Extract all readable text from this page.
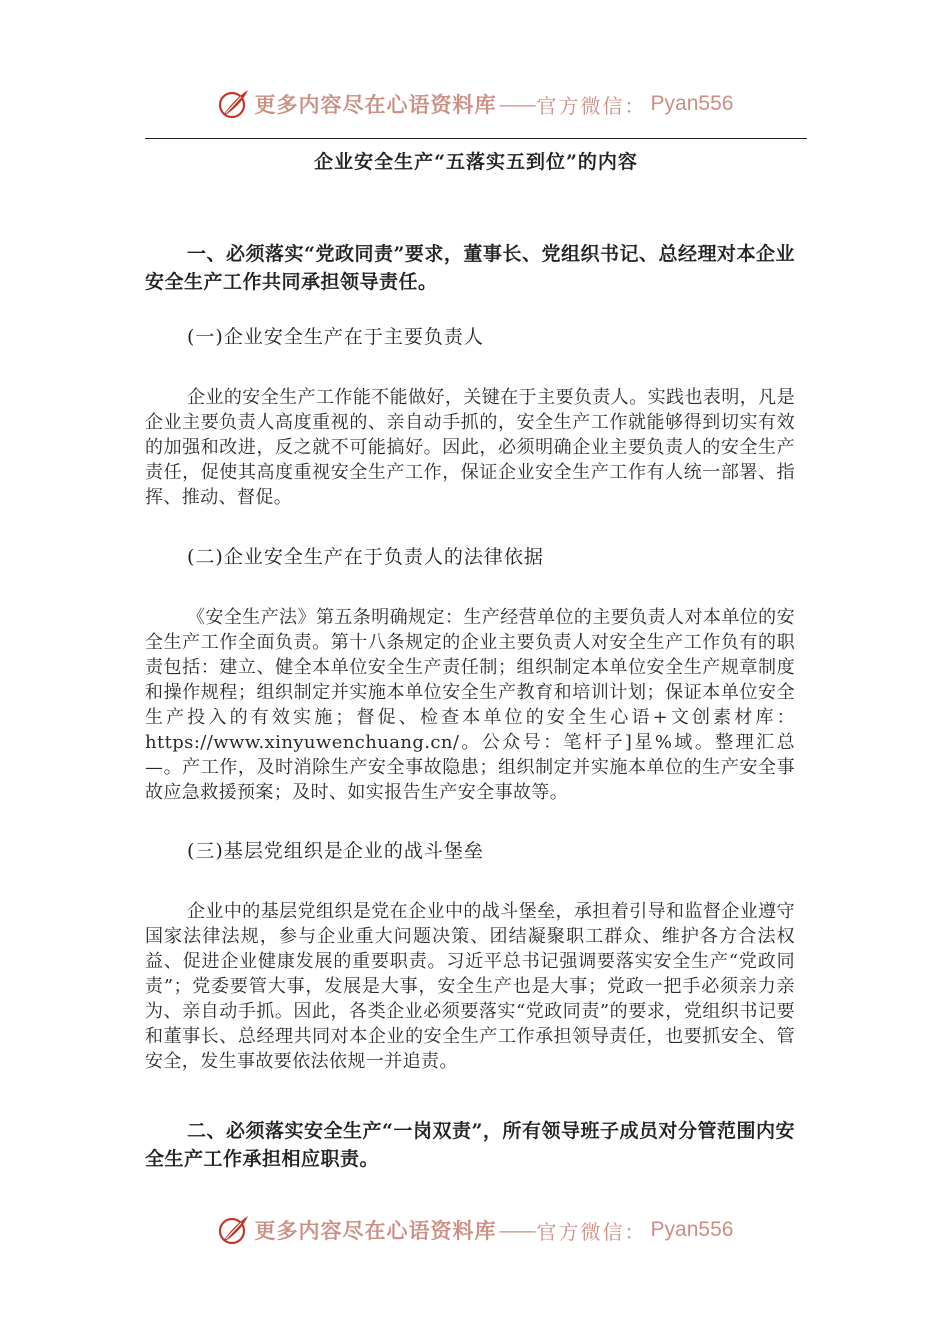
更多内容尽在心语资料库 —— 官方微信： Pyan556
企业安全生产“五落实五到位”的内容

一、必须落实“党政同责”要求，董事长、党组织书记、总经理对本企业安全生产工作共同承担领导责任。

(一)企业安全生产在于主要负责人

企业的安全生产工作能不能做好，关键在于主要负责人。实践也表明，凡是企业主要负责人高度重视的、亲自动手抓的，安全生产工作就能够得到切实有效的加强和改进，反之就不可能搞好。因此，必须明确企业主要负责人的安全生产责任，促使其高度重视安全生产工作，保证企业安全生产工作有人统一部署、指挥、推动、督促。

(二)企业安全生产在于负责人的法律依据

《安全生产法》第五条明确规定：生产经营单位的主要负责人对本单位的安全生产工作全面负责。第十八条规定的企业主要负责人对安全生产工作负有的职责包括：建立、健全本单位安全生产责任制；组织制定本单位安全生产规章制度和操作规程；组织制定并实施本单位安全生产教育和培训计划；保证本单位安全生产投入的有效实施；督促、检查本单位的安全生心语+文创素材库：https://www.xinyuwenchuang.cn/。公众号：笔杆子]星%域。整理汇总—。产工作，及时消除生产安全事故隐患；组织制定并实施本单位的生产安全事故应急救援预案；及时、如实报告生产安全事故等。

(三)基层党组织是企业的战斗堡垒

企业中的基层党组织是党在企业中的战斗堡垒，承担着引导和监督企业遵守国家法律法规，参与企业重大问题决策、团结凝聚职工群众、维护各方合法权益、促进企业健康发展的重要职责。习近平总书记强调要落实安全生产“党政同责”；党委要管大事，发展是大事，安全生产也是大事；党政一把手必须亲力亲为、亲自动手抓。因此，各类企业必须要落实“党政同责”的要求，党组织书记要和董事长、总经理共同对本企业的安全生产工作承担领导责任，也要抓安全、管安全，发生事故要依法依规一并追责。

二、必须落实安全生产“一岗双责”，所有领导班子成员对分管范围内安全生产工作承担相应职责。

更多内容尽在心语资料库 —— 官方微信： Pyan556
